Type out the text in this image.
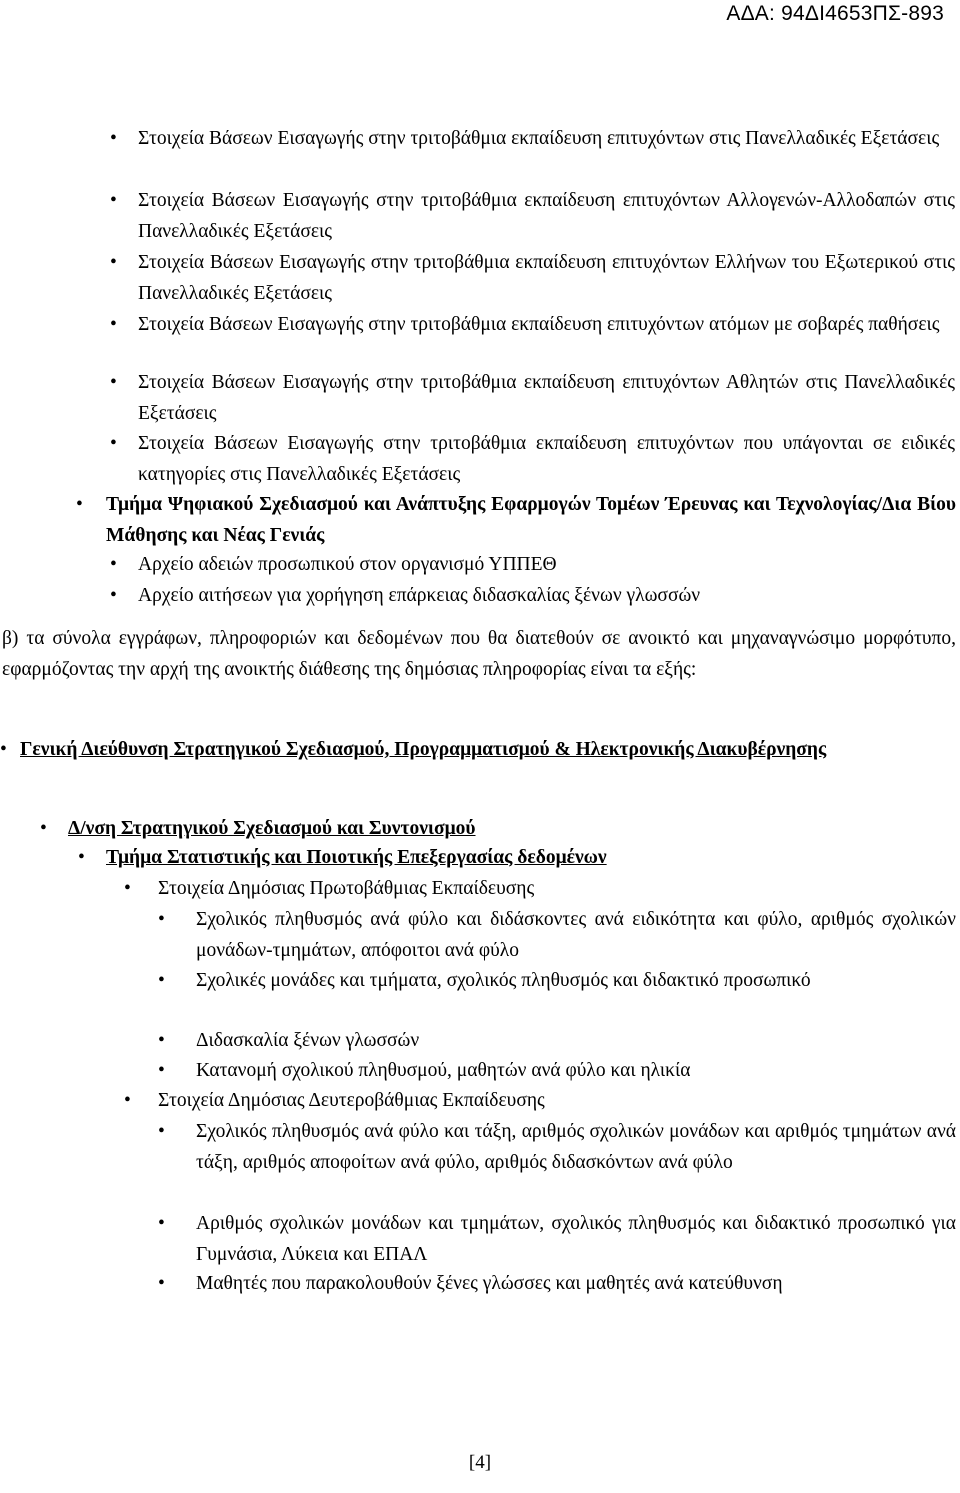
ΑΔΑ: 94ΔΙ4653ΠΣ-893
• Στοιχεία Βάσεων Εισαγωγής στην τριτοβάθμια εκπαίδευση επιτυχόντων στις Πανελλαδικές Εξετάσεις
• Στοιχεία Βάσεων Εισαγωγής στην τριτοβάθμια εκπαίδευση επιτυχόντων Αλλογενών-Αλλοδαπών στις Πανελλαδικές Εξετάσεις
• Στοιχεία Βάσεων Εισαγωγής στην τριτοβάθμια εκπαίδευση επιτυχόντων Ελλήνων του Εξωτερικού στις Πανελλαδικές Εξετάσεις
• Στοιχεία Βάσεων Εισαγωγής στην τριτοβάθμια εκπαίδευση επιτυχόντων ατόμων με σοβαρές παθήσεις
• Στοιχεία Βάσεων Εισαγωγής στην τριτοβάθμια εκπαίδευση επιτυχόντων Αθλητών στις Πανελλαδικές Εξετάσεις
• Στοιχεία Βάσεων Εισαγωγής στην τριτοβάθμια εκπαίδευση επιτυχόντων που υπάγονται σε ειδικές κατηγορίες στις Πανελλαδικές Εξετάσεις
• Τμήμα Ψηφιακού Σχεδιασμού και Ανάπτυξης Εφαρμογών Τομέων Έρευνας και Τεχνολογίας/Δια Βίου Μάθησης και Νέας Γενιάς
• Αρχείο αδειών προσωπικού στον οργανισμό ΥΠΠΕΘ
• Αρχείο αιτήσεων για χορήγηση επάρκειας διδασκαλίας ξένων γλωσσών
β) τα σύνολα εγγράφων, πληροφοριών και δεδομένων που θα διατεθούν σε ανοικτό και μηχαναγνώσιμο μορφότυπο, εφαρμόζοντας την αρχή της ανοικτής διάθεσης της δημόσιας πληροφορίας είναι τα εξής:
• Γενική Διεύθυνση Στρατηγικού Σχεδιασμού, Προγραμματισμού & Ηλεκτρονικής Διακυβέρνησης
• Δ/νση Στρατηγικού Σχεδιασμού και Συντονισμού
• Τμήμα Στατιστικής και Ποιοτικής Επεξεργασίας δεδομένων
• Στοιχεία Δημόσιας Πρωτοβάθμιας Εκπαίδευσης
• Σχολικός πληθυσμός ανά φύλο και διδάσκοντες ανά ειδικότητα και φύλο, αριθμός σχολικών μονάδων-τμημάτων, απόφοιτοι ανά φύλο
• Σχολικές μονάδες και τμήματα, σχολικός πληθυσμός και διδακτικό προσωπικό
• Διδασκαλία ξένων γλωσσών
• Κατανομή σχολικού πληθυσμού, μαθητών ανά φύλο και ηλικία
• Στοιχεία Δημόσιας Δευτεροβάθμιας Εκπαίδευσης
• Σχολικός πληθυσμός ανά φύλο και τάξη, αριθμός σχολικών μονάδων και αριθμός τμημάτων ανά τάξη, αριθμός αποφοίτων ανά φύλο, αριθμός διδασκόντων ανά φύλο
• Αριθμός σχολικών μονάδων και τμημάτων, σχολικός πληθυσμός και διδακτικό προσωπικό για Γυμνάσια, Λύκεια και ΕΠΑΛ
• Μαθητές που παρακολουθούν ξένες γλώσσες και μαθητές ανά κατεύθυνση
[4]
